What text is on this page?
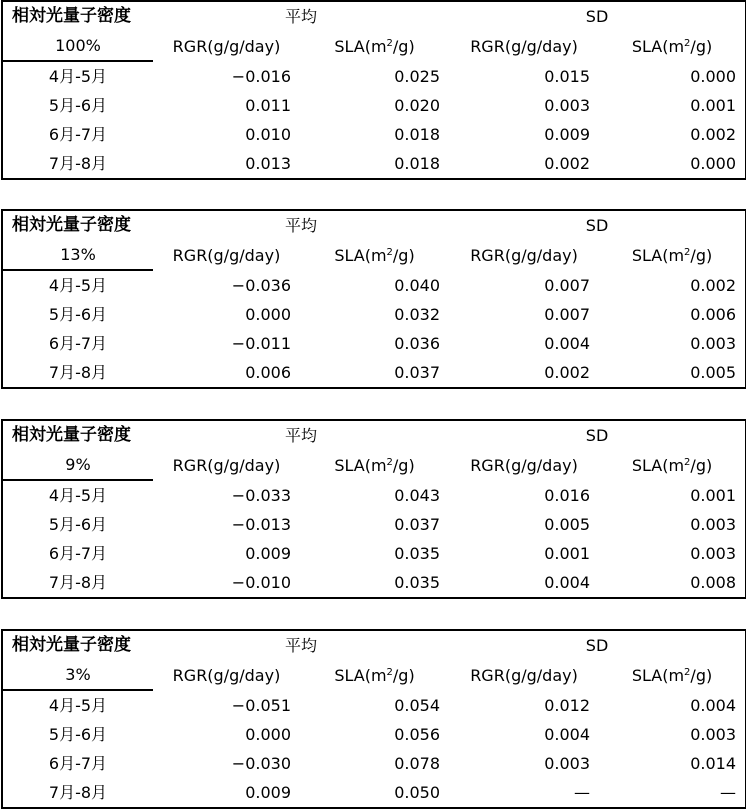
相対光量子密度	平均		SD	
100%	RGR(g/g/day)	$SLA(m^2/g)$	RGR(g/g/day)	$SLA(m^2/g)$
4月-5月	−0.016	0.025	0.015	0.000
5月-6月	0.011	0.020	0.003	0.001
6月-7月	0.010	0.018	0.009	0.002
7月-8月	0.013	0.018	0.002	0.000
相対光量子密度	平均		SD	
13%	RGR(g/g/day)	$SLA(m^2/g)$	RGR(g/g/day)	$SLA(m^2/g)$
4月-5月	−0.036	0.040	0.007	0.002
5月-6月	0.000	0.032	0.007	0.006
6月-7月	−0.011	0.036	0.004	0.003
7月-8月	0.006	0.037	0.002	0.005
相対光量子密度	平均		SD	
9%	RGR(g/g/day)	$SLA(m^2/g)$	RGR(g/g/day)	$SLA(m^2/g)$
4月-5月	−0.033	0.043	0.016	0.001
5月-6月	−0.013	0.037	0.005	0.003
6月-7月	0.009	0.035	0.001	0.003
7月-8月	−0.010	0.035	0.004	0.008
相対光量子密度	平均		SD	
3%	RGR(g/g/day)	$SLA(m^2/g)$	RGR(g/g/day)	$SLA(m^2/g)$
4月-5月	−0.051	0.054	0.012	0.004
5月-6月	0.000	0.056	0.004	0.003
6月-7月	−0.030	0.078	0.003	0.014
7月-8月	0.009	0.050	—	—
